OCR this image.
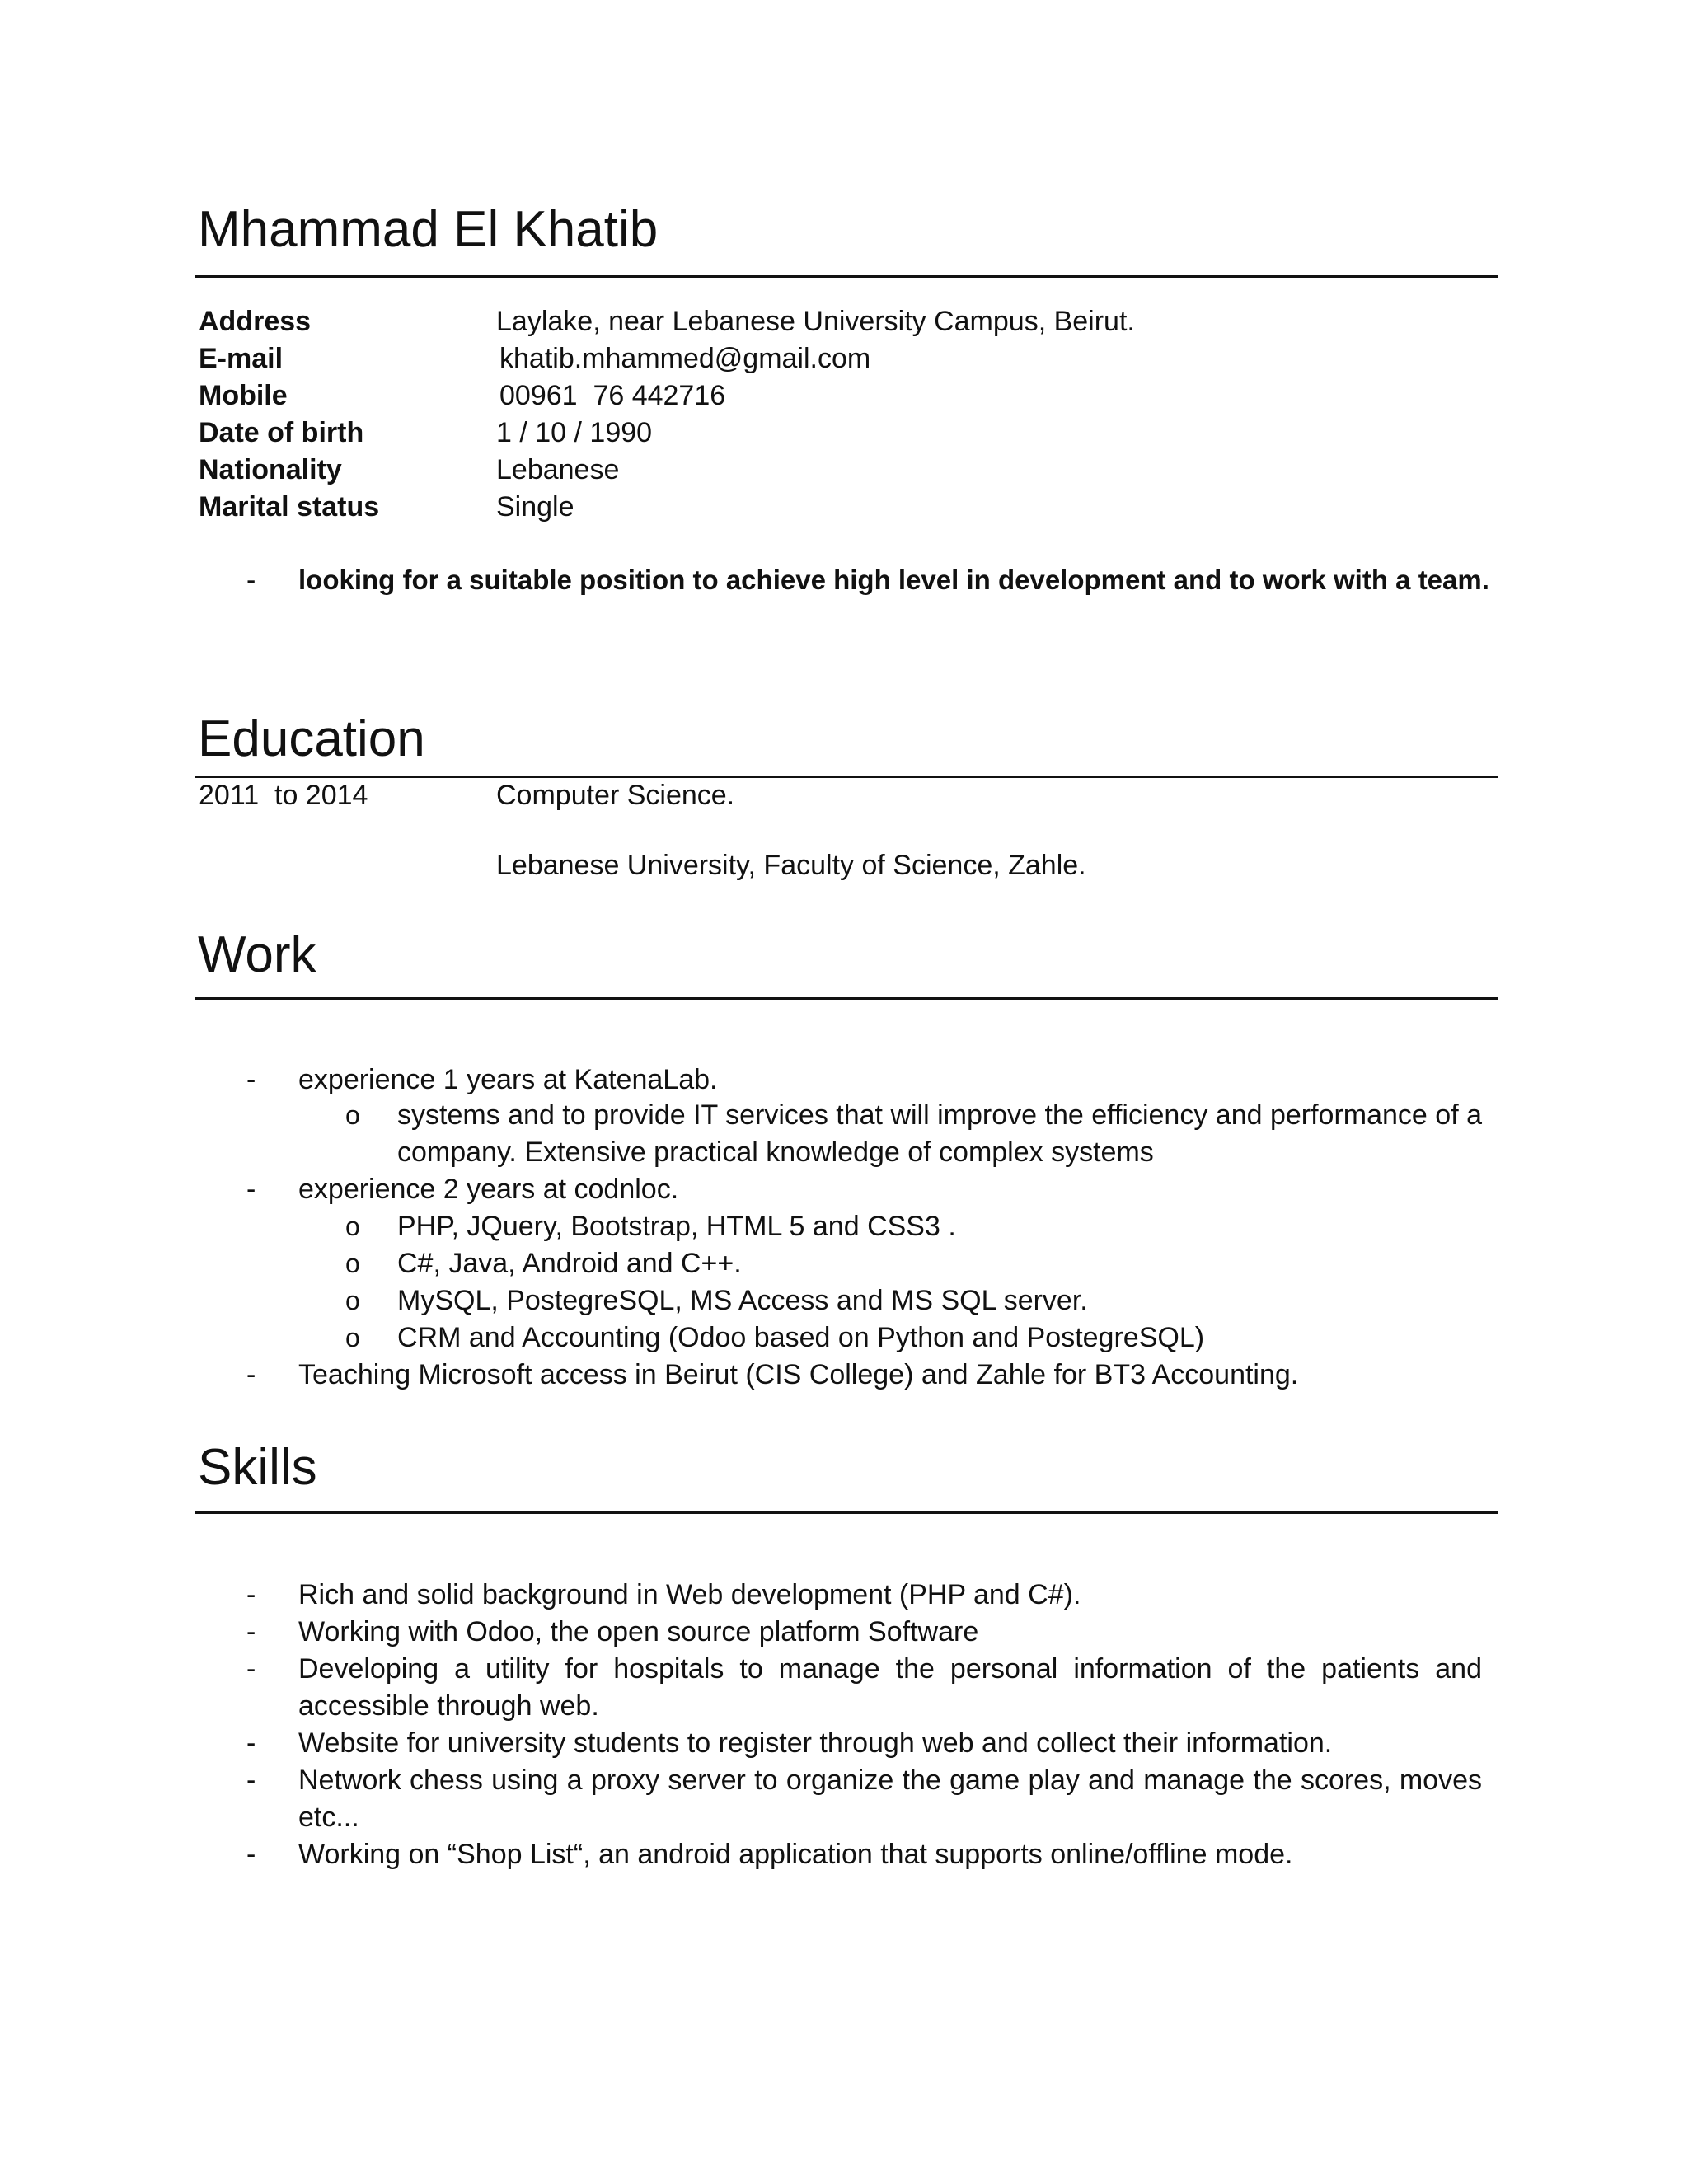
Mhammad El Khatib
Address	Laylake, near Lebanese University Campus, Beirut.
E-mail	khatib.mhammed@gmail.com
Mobile	00961  76 442716
Date of birth	1 / 10 / 1990
Nationality	Lebanese
Marital status	Single
- looking for a suitable position to achieve high level in development and to work with a team.
Education
2011  to 2014	Computer Science.
Lebanese University, Faculty of Science, Zahle.
Work
- experience 1 years at KatenaLab.
o systems and to provide IT services that will improve the efficiency and performance of a
company. Extensive practical knowledge of complex systems
- experience 2 years at codnloc.
o PHP, JQuery, Bootstrap, HTML 5 and CSS3 .
o C#, Java, Android and C++.
o MySQL, PostegreSQL, MS Access and MS SQL server.
o CRM and Accounting (Odoo based on Python and PostegreSQL)
- Teaching Microsoft access in Beirut (CIS College) and Zahle for BT3 Accounting.
Skills
- Rich and solid background in Web development (PHP and C#).
- Working with Odoo, the open source platform Software
- Developing a utility for hospitals to manage the personal information of the patients and
accessible through web.
- Website for university students to register through web and collect their information.
- Network chess using a proxy server to organize the game play and manage the scores, moves
etc...
- Working on “Shop List“, an android application that supports online/offline mode.
